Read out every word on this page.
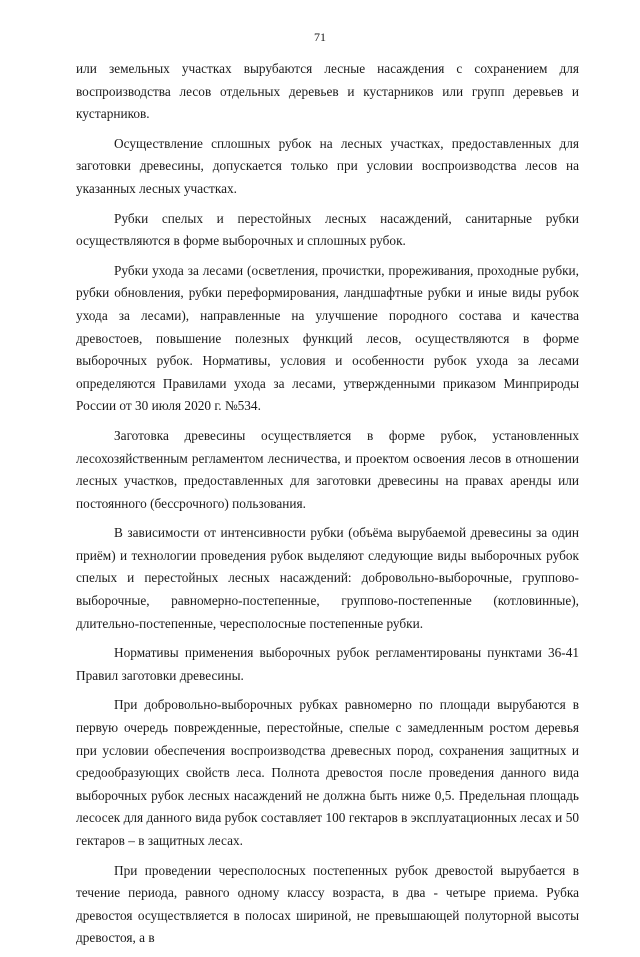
71

или земельных участках вырубаются лесные насаждения с сохранением для воспроизводства лесов отдельных деревьев и кустарников или групп деревьев и кустарников.

Осуществление сплошных рубок на лесных участках, предоставленных для заготовки древесины, допускается только при условии воспроизводства лесов на указанных лесных участках.

Рубки спелых и перестойных лесных насаждений, санитарные рубки осуществляются в форме выборочных и сплошных рубок.

Рубки ухода за лесами (осветления, прочистки, прореживания, проходные рубки, рубки обновления, рубки переформирования, ландшафтные рубки и иные виды рубок ухода за лесами), направленные на улучшение породного состава и качества древостоев, повышение полезных функций лесов, осуществляются в форме выборочных рубок. Нормативы, условия и особенности рубок ухода за лесами определяются Правилами ухода за лесами, утвержденными приказом Минприроды России от 30 июля 2020 г. №534.

Заготовка древесины осуществляется в форме рубок, установленных лесохозяйственным регламентом лесничества, и проектом освоения лесов в отношении лесных участков, предоставленных для заготовки древесины на правах аренды или постоянного (бессрочного) пользования.

В зависимости от интенсивности рубки (объёма вырубаемой древесины за один приём) и технологии проведения рубок выделяют следующие виды выборочных рубок спелых и перестойных лесных насаждений: добровольно-выборочные, группово-выборочные, равномерно-постепенные, группово-постепенные (котловинные), длительно-постепенные, чересполосные постепенные рубки.

Нормативы применения выборочных рубок регламентированы пунктами 36-41 Правил заготовки древесины.

При добровольно-выборочных рубках равномерно по площади вырубаются в первую очередь поврежденные, перестойные, спелые с замедленным ростом деревья при условии обеспечения воспроизводства древесных пород, сохранения защитных и средообразующих свойств леса. Полнота древостоя после проведения данного вида выборочных рубок лесных насаждений не должна быть ниже 0,5. Предельная площадь лесосек для данного вида рубок составляет 100 гектаров в эксплуатационных лесах и 50 гектаров – в защитных лесах.

При проведении чересполосных постепенных рубок древостой вырубается в течение периода, равного одному классу возраста, в два - четыре приема. Рубка древостоя осуществляется в полосах шириной, не превышающей полуторной высоты древостоя, а в
